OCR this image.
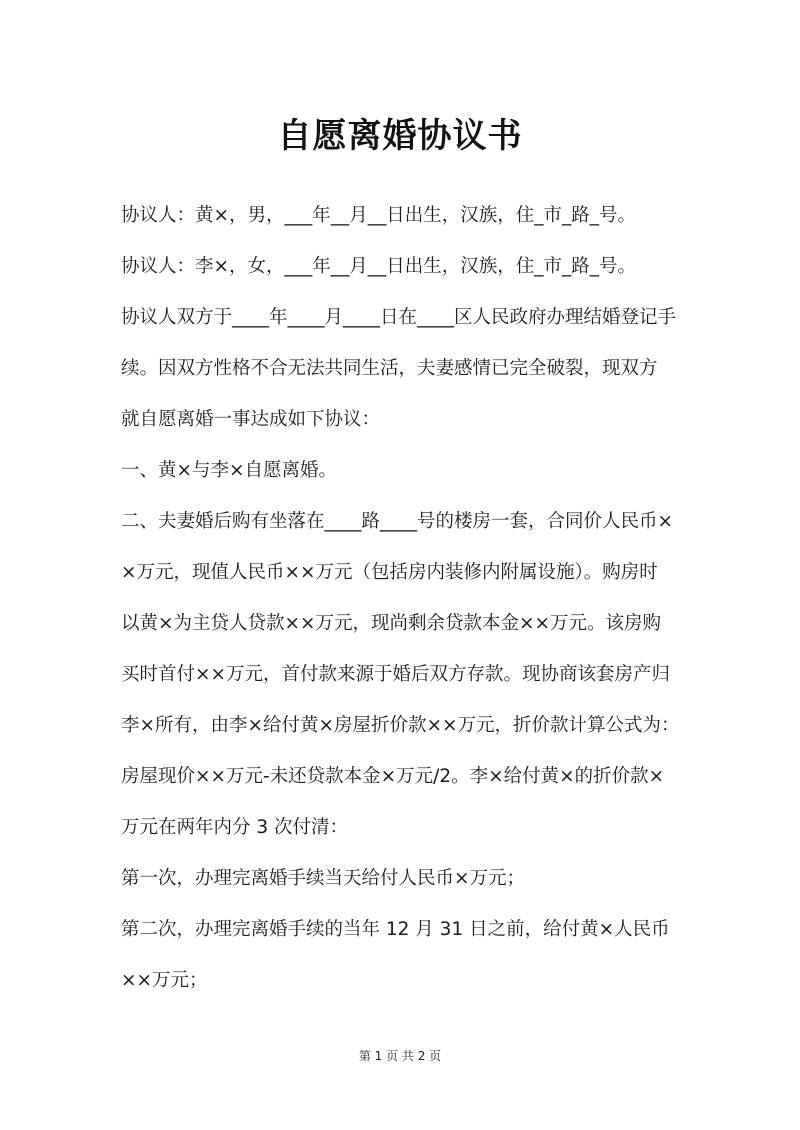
自愿离婚协议书
协议人：黄×，男，___年__月__日出生，汉族，住_市_路_号。
协议人：李×，女，___年__月__日出生，汉族，住_市_路_号。
协议人双方于____年____月____日在____区人民政府办理结婚登记手
续。因双方性格不合无法共同生活，夫妻感情已完全破裂，现双方
就自愿离婚一事达成如下协议：
一、黄×与李×自愿离婚。
二、夫妻婚后购有坐落在____路____号的楼房一套，合同价人民币×
×万元，现值人民币××万元（包括房内装修内附属设施）。购房时
以黄×为主贷人贷款××万元，现尚剩余贷款本金××万元。该房购
买时首付××万元，首付款来源于婚后双方存款。现协商该套房产归
李×所有，由李×给付黄×房屋折价款××万元，折价款计算公式为：
房屋现价××万元-未还贷款本金×万元/2。李×给付黄×的折价款×
万元在两年内分 3 次付清：
第一次，办理完离婚手续当天给付人民币×万元；
第二次，办理完离婚手续的当年 12 月 31 日之前，给付黄×人民币
××万元；
第 1 页 共 2 页
